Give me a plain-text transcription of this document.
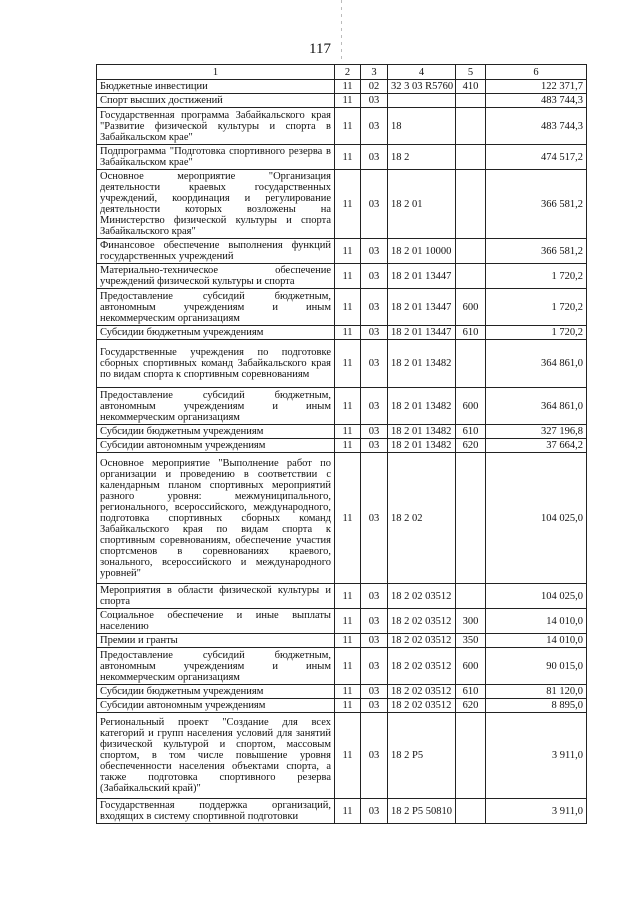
117
1	2	3	4	5	6
Бюджетные инвестиции	11	02	32 3 03 R5760	410	122 371,7
Спорт высших достижений	11	03			483 744,3
Государственная программа Забайкальского края "Развитие физической культуры и спорта в Забайкальском крае"	11	03	18		483 744,3
Подпрограмма "Подготовка спортивного резерва в Забайкальском крае"	11	03	18 2		474 517,2
Основное мероприятие "Организация деятельности краевых государственных учреждений, координация и регулирование деятельности которых возложены на Министерство физической культуры и спорта Забайкальского края"	11	03	18 2 01		366 581,2
Финансовое обеспечение выполнения функций государственных учреждений	11	03	18 2 01 10000		366 581,2
Материально-техническое обеспечение учреждений физической культуры и спорта	11	03	18 2 01 13447		1 720,2
Предоставление субсидий бюджетным, автономным учреждениям и иным некоммерческим организациям	11	03	18 2 01 13447	600	1 720,2
Субсидии бюджетным учреждениям	11	03	18 2 01 13447	610	1 720,2
Государственные учреждения по подготовке сборных спортивных команд Забайкальского края по видам спорта к спортивным соревнованиям	11	03	18 2 01 13482		364 861,0
Предоставление субсидий бюджетным, автономным учреждениям и иным некоммерческим организациям	11	03	18 2 01 13482	600	364 861,0
Субсидии бюджетным учреждениям	11	03	18 2 01 13482	610	327 196,8
Субсидии автономным учреждениям	11	03	18 2 01 13482	620	37 664,2
Основное мероприятие "Выполнение работ по организации и проведению в соответствии с календарным планом спортивных мероприятий разного уровня: межмуниципального, регионального, всероссийского, международного, подготовка спортивных сборных команд Забайкальского края по видам спорта к спортивным соревнованиям, обеспечение участия спортсменов в соревнованиях краевого, зонального, всероссийского и международного уровней"	11	03	18 2 02		104 025,0
Мероприятия в области физической культуры и спорта	11	03	18 2 02 03512		104 025,0
Социальное обеспечение и иные выплаты населению	11	03	18 2 02 03512	300	14 010,0
Премии и гранты	11	03	18 2 02 03512	350	14 010,0
Предоставление субсидий бюджетным, автономным учреждениям и иным некоммерческим организациям	11	03	18 2 02 03512	600	90 015,0
Субсидии бюджетным учреждениям	11	03	18 2 02 03512	610	81 120,0
Субсидии автономным учреждениям	11	03	18 2 02 03512	620	8 895,0
Региональный проект "Создание для всех категорий и групп населения условий для занятий физической культурой и спортом, массовым спортом, в том числе повышение уровня обеспеченности населения объектами спорта, а также подготовка спортивного резерва (Забайкальский край)"	11	03	18 2 P5		3 911,0
Государственная поддержка организаций, входящих в систему спортивной подготовки	11	03	18 2 P5 50810		3 911,0
